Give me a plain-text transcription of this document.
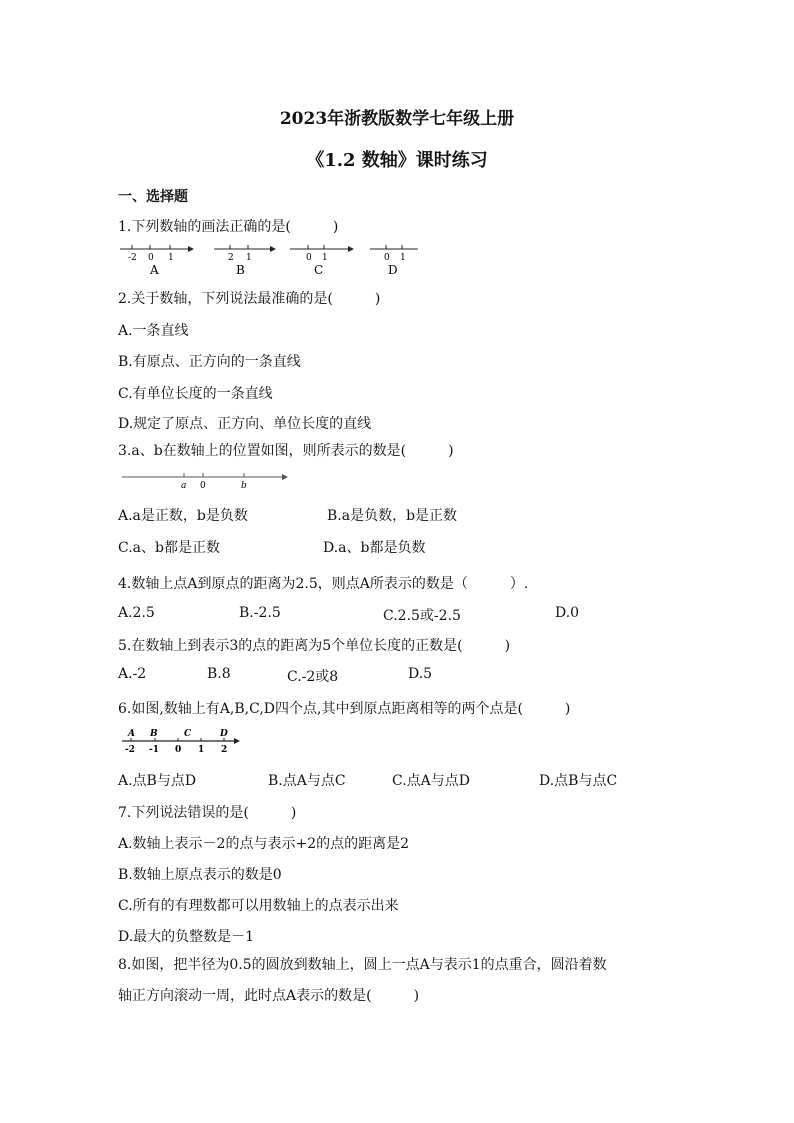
2023年浙教版数学七年级上册
《1.2 数轴》课时练习
一、选择题
1.下列数轴的画法正确的是(　　　)
-2 0 1
A
2 1
B
0 1
C
0 1
D
2.关于数轴，下列说法最准确的是(　　　)
A.一条直线
B.有原点、正方向的一条直线
C.有单位长度的一条直线
D.规定了原点、正方向、单位长度的直线
3.a、b在数轴上的位置如图，则所表示的数是(　　　)
a 0	b
A.a是正数，b是负数	B.a是负数，b是正数
C.a、b都是正数	D.a、b都是负数
4.数轴上点A到原点的距离为2.5，则点A所表示的数是（　　　）.
A.2.5	B.-2.5	C.2.5或-2.5	D.0
5.在数轴上到表示3的点的距离为5个单位长度的正数是(　　　)
A.-2	B.8	C.-2或8	D.5
6.如图,数轴上有A,B,C,D四个点,其中到原点距离相等的两个点是(　　　)
A B	C	D
-2 -1 0 1 2
A.点B与点D	B.点A与点C	C.点A与点D	D.点B与点C
7.下列说法错误的是(　　　)
A.数轴上表示－2的点与表示+2的点的距离是2
B.数轴上原点表示的数是0
C.所有的有理数都可以用数轴上的点表示出来
D.最大的负整数是－1
8.如图，把半径为0.5的圆放到数轴上，圆上一点A与表示1的点重合，圆沿着数
轴正方向滚动一周，此时点A表示的数是(　　　)
